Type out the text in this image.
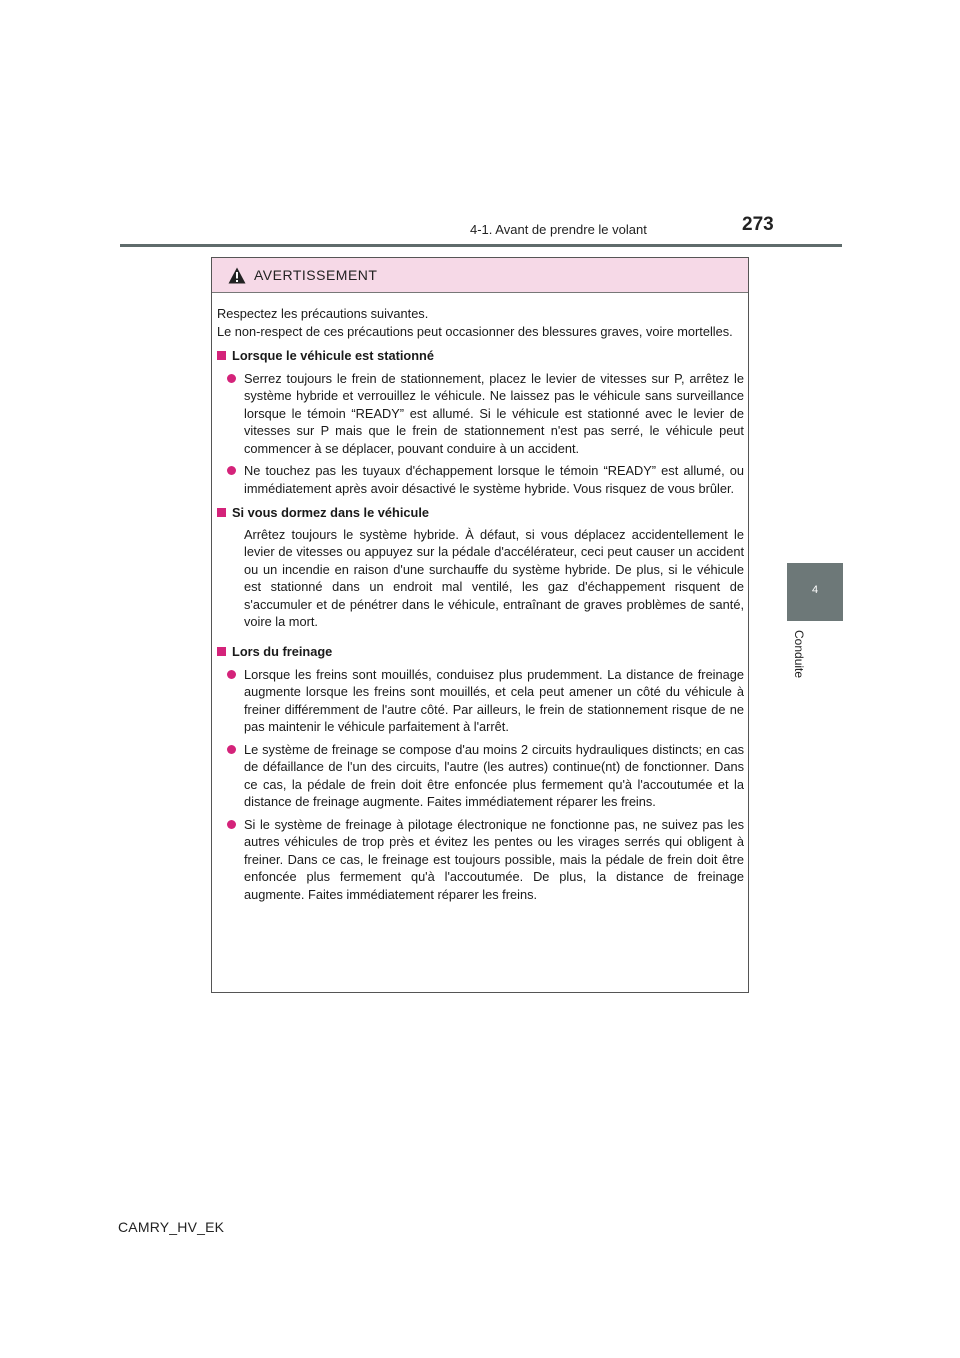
4-1. Avant de prendre le volant	273
4
Conduite
AVERTISSEMENT

Respectez les précautions suivantes.

Le non-respect de ces précautions peut occasionner des blessures graves, voire mortelles.

Lorsque le véhicule est stationné
Serrez toujours le frein de stationnement, placez le levier de vitesses sur P, arrêtez le système hybride et verrouillez le véhicule. Ne laissez pas le véhicule sans surveillance lorsque le témoin “READY” est allumé. Si le véhicule est stationné avec le levier de vitesses sur P mais que le frein de stationnement n'est pas serré, le véhicule peut commencer à se déplacer, pouvant conduire à un accident.
Ne touchez pas les tuyaux d'échappement lorsque le témoin “READY” est allumé, ou immédiatement après avoir désactivé le système hybride. Vous risquez de vous brûler.
Si vous dormez dans le véhicule

Arrêtez toujours le système hybride. À défaut, si vous déplacez accidentellement le levier de vitesses ou appuyez sur la pédale d'accélérateur, ceci peut causer un accident ou un incendie en raison d'une surchauffe du système hybride. De plus, si le véhicule est stationné dans un endroit mal ventilé, les gaz d'échappement risquent de s'accumuler et de pénétrer dans le véhicule, entraînant de graves problèmes de santé, voire la mort.

Lors du freinage
Lorsque les freins sont mouillés, conduisez plus prudemment. La distance de freinage augmente lorsque les freins sont mouillés, et cela peut amener un côté du véhicule à freiner différemment de l'autre côté. Par ailleurs, le frein de stationnement risque de ne pas maintenir le véhicule parfaitement à l'arrêt.
Le système de freinage se compose d'au moins 2 circuits hydrauliques distincts; en cas de défaillance de l'un des circuits, l'autre (les autres) continue(nt) de fonctionner. Dans ce cas, la pédale de frein doit être enfoncée plus fermement qu'à l'accoutumée et la distance de freinage augmente. Faites immédiatement réparer les freins.
Si le système de freinage à pilotage électronique ne fonctionne pas, ne suivez pas les autres véhicules de trop près et évitez les pentes ou les virages serrés qui obligent à freiner. Dans ce cas, le freinage est toujours possible, mais la pédale de frein doit être enfoncée plus fermement qu'à l'accoutumée. De plus, la distance de freinage augmente. Faites immédiatement réparer les freins.
CAMRY_HV_EK
